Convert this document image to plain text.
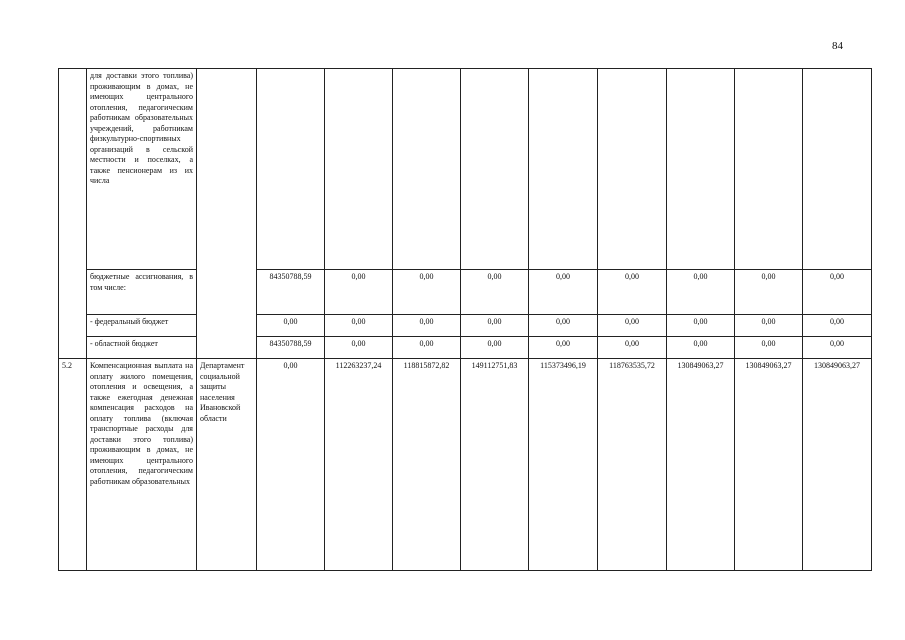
84
	для доставки этого топлива) проживающим в домах, не имеющих центрального отопления, педагогическим работникам образовательных учреждений, работникам физкультурно-спортивных организаций в сельской местности и поселках, а также пенсионерам из их числа										
	бюджетные ассигнования, в том числе:		84350788,59	0,00	0,00	0,00	0,00	0,00	0,00	0,00	0,00
	- федеральный бюджет		0,00	0,00	0,00	0,00	0,00	0,00	0,00	0,00	0,00
	- областной бюджет		84350788,59	0,00	0,00	0,00	0,00	0,00	0,00	0,00	0,00
5.2	Компенсационная выплата на оплату жилого помещения, отопления и освещения, а также ежегодная денежная компенсация расходов на оплату топлива (включая транспортные расходы для доставки этого топлива) проживающим в домах, не имеющих центрального отопления, педагогическим работникам образовательных	Департамент социальной защиты населения Ивановской области	0,00	112263237,24	118815872,82	149112751,83	115373496,19	118763535,72	130849063,27	130849063,27	130849063,27
